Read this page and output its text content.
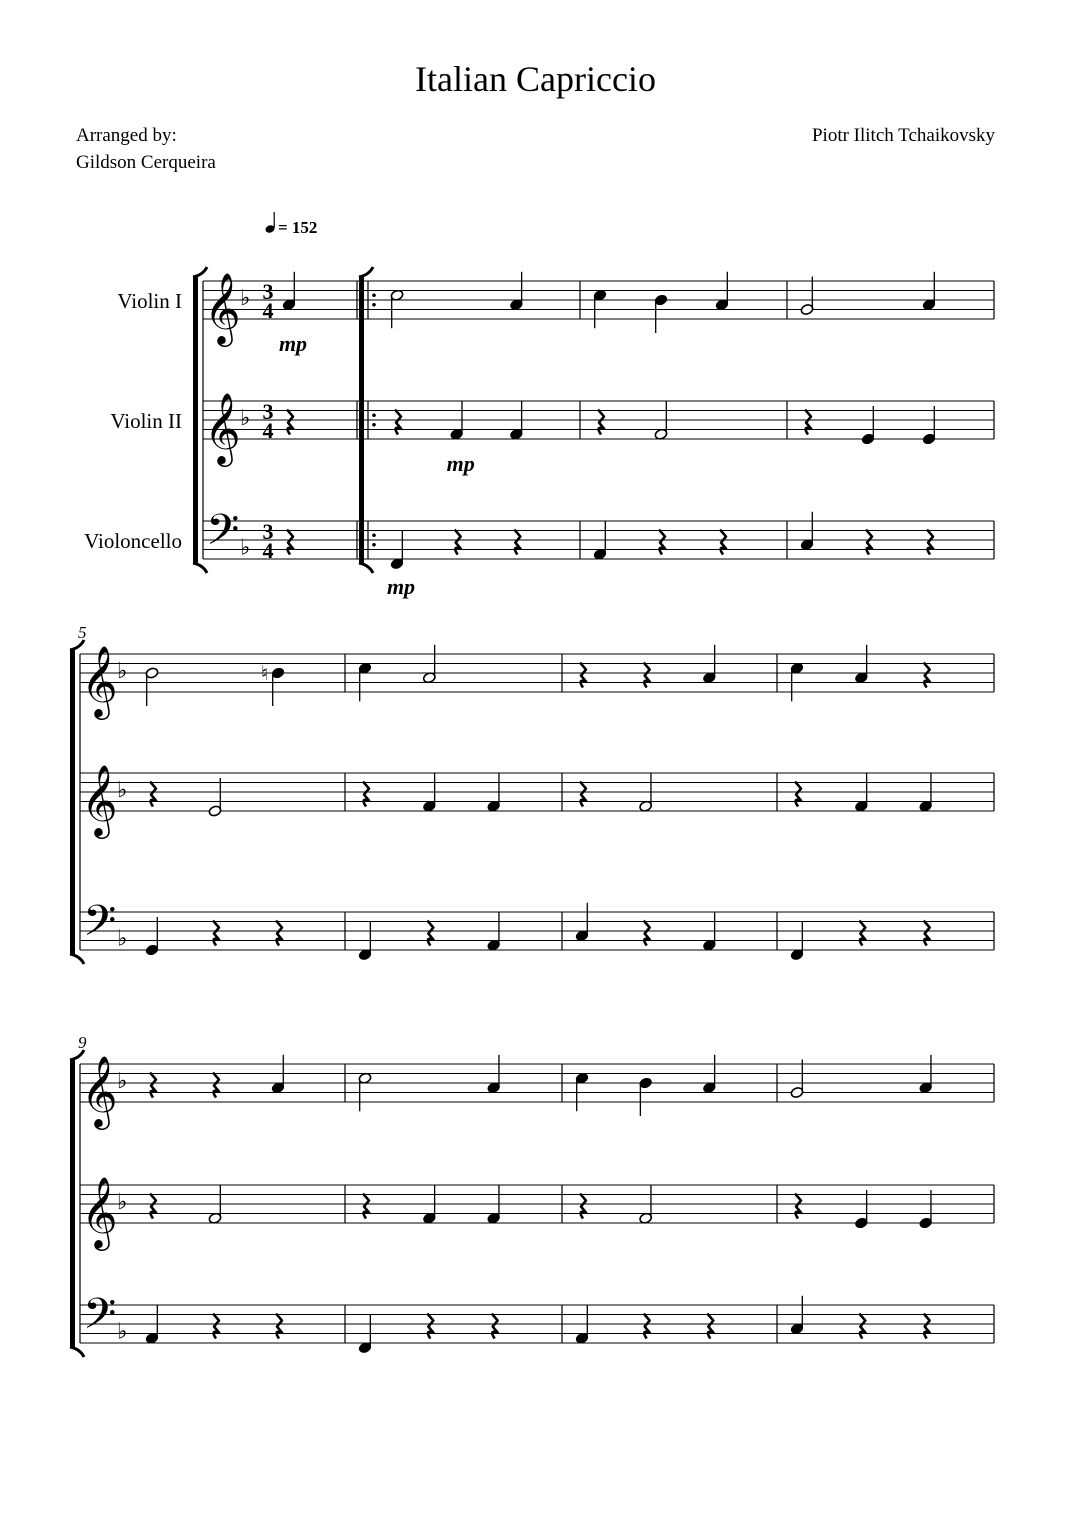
Italian Capriccio
Arranged by:
Gildson Cerqueira
Piotr Ilitch Tchaikovsky
= 152
𝄞 ♭ 3
4
Violin I
𝄞 ♭ 3
4
Violin II
𝄢 ♭
3
4
Violoncello
mp
mp
mp
5
𝄞 ♭
𝄞 ♭
𝄢 ♭
♮
9
𝄞 ♭
𝄞 ♭
𝄢 ♭
